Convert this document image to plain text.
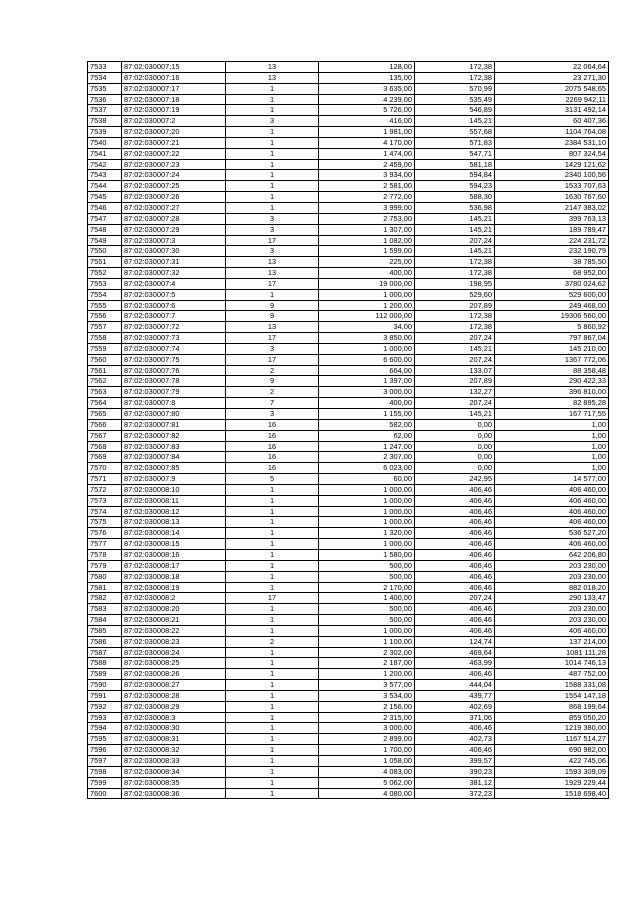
7533	87:02:030007:15	13	128,00	172,38	22 064,64
7534	87:02:030007:16	13	135,00	172,38	23 271,30
7535	87:02:030007:17	1	3 635,00	570,99	2075 548,65
7536	87:02:030007:18	1	4 239,00	535,49	2269 942,11
7537	87:02:030007:19	1	5 726,00	546,89	3131 492,14
7538	87:02:030007:2	3	416,00	145,21	60 407,36
7539	87:02:030007:20	1	1 981,00	557,68	1104 764,08
7540	87:02:030007:21	1	4 170,00	571,83	2384 531,10
7541	87:02:030007:22	1	1 474,00	547,71	807 324,54
7542	87:02:030007:23	1	2 459,00	581,18	1429 121,62
7543	87:02:030007:24	1	3 934,00	594,84	2340 100,56
7544	87:02:030007:25	1	2 581,00	594,23	1533 707,63
7545	87:02:030007:26	1	2 772,00	588,30	1630 767,60
7546	87:02:030007:27	1	3 999,00	536,98	2147 383,02
7547	87:02:030007:28	3	2 753,00	145,21	399 763,13
7548	87:02:030007:29	3	1 307,00	145,21	189 789,47
7549	87:02:030007:3	17	1 082,00	207,24	224 231,72
7550	87:02:030007:30	3	1 599,00	145,21	232 190,79
7551	87:02:030007:31	13	225,00	172,38	38 785,50
7552	87:02:030007:32	13	400,00	172,38	68 952,00
7553	87:02:030007:4	17	19 000,00	198,95	3780 024,62
7554	87:02:030007:5	1	1 000,00	529,60	529 600,00
7555	87:02:030007:6	9	1 200,00	207,89	249 468,00
7556	87:02:030007:7	9	112 000,00	172,38	19306 560,00
7557	87:02:030007:72	13	34,00	172,38	5 860,92
7558	87:02:030007:73	17	3 850,00	207,24	797 867,04
7559	87:02:030007:74	3	1 000,00	145,21	145 210,00
7560	87:02:030007:75	17	6 600,00	207,24	1367 772,06
7561	87:02:030007:76	2	664,00	133,07	88 358,48
7562	87:02:030007:78	9	1 397,00	207,89	290 422,33
7563	87:02:030007:79	2	3 000,00	132,27	396 810,00
7564	87:02:030007:8	7	400,00	207,24	82 895,28
7565	87:02:030007:80	3	1 155,00	145,21	167 717,55
7566	87:02:030007:81	16	582,00	0,00	1,00
7567	87:02:030007:82	16	62,00	0,00	1,00
7568	87:02:030007:83	16	1 247,00	0,00	1,00
7569	87:02:030007:84	16	2 307,00	0,00	1,00
7570	87:02:030007:85	16	6 023,00	0,00	1,00
7571	87:02:030007:9	5	60,00	242,95	14 577,00
7572	87:02:030008:10	1	1 000,00	406,46	406 460,00
7573	87:02:030008:11	1	1 000,00	406,46	406 460,00
7574	87:02:030008:12	1	1 000,00	406,46	406 460,00
7575	87:02:030008:13	1	1 000,00	406,46	406 460,00
7576	87:02:030008:14	1	1 320,00	406,46	536 527,20
7577	87:02:030008:15	1	1 000,00	406,46	406 460,00
7578	87:02:030008:16	1	1 580,00	406,46	642 206,80
7579	87:02:030008:17	1	500,00	406,46	203 230,00
7580	87:02:030008:18	1	500,00	406,46	203 230,00
7581	87:02:030008:19	1	2 170,00	406,46	882 018,20
7582	87:02:030008:2	17	1 400,00	207,24	290 133,47
7583	87:02:030008:20	1	500,00	406,46	203 230,00
7584	87:02:030008:21	1	500,00	406,46	203 230,00
7585	87:02:030008:22	1	1 000,00	406,46	406 460,00
7586	87:02:030008:23	2	1 100,00	124,74	137 214,00
7587	87:02:030008:24	1	2 302,00	469,64	1081 111,28
7588	87:02:030008:25	1	2 187,00	463,99	1014 746,13
7589	87:02:030008:26	1	1 200,00	406,46	487 752,00
7590	87:02:030008:27	1	3 577,00	444,04	1588 331,08
7591	87:02:030008:28	1	3 534,00	439,77	1554 147,18
7592	87:02:030008:29	1	2 156,00	402,69	868 199,64
7593	87:02:030008:3	1	2 315,00	371,06	859 050,20
7594	87:02:030008:30	1	3 000,00	406,46	1219 380,00
7595	87:02:030008:31	1	2 899,00	402,73	1167 514,27
7596	87:02:030008:32	1	1 700,00	406,46	690 982,00
7597	87:02:030008:33	1	1 058,00	399,57	422 745,06
7598	87:02:030008:34	1	4 083,00	390,23	1593 309,09
7599	87:02:030008:35	1	5 062,00	381,12	1929 229,44
7600	87:02:030008:36	1	4 080,00	372,23	1518 698,40
